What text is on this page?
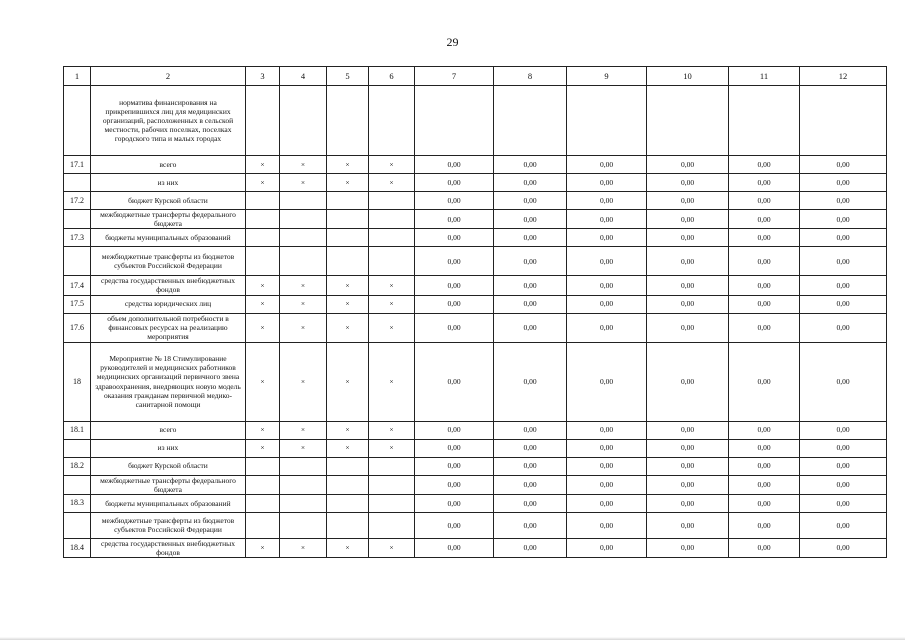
29
1	2	3	4	5	6	7	8	9	10	11	12
	норматива финансирования на прикрепившихся лиц для медицинских организаций, расположенных в сельской местности, рабочих поселках, поселках городского типа и малых городах										
17.1	всего	×	×	×	×	0,00	0,00	0,00	0,00	0,00	0,00
	из них	×	×	×	×	0,00	0,00	0,00	0,00	0,00	0,00
17.2	бюджет Курской области					0,00	0,00	0,00	0,00	0,00	0,00
	межбюджетные трансферты федерального бюджета					0,00	0,00	0,00	0,00	0,00	0,00
17.3	бюджеты муниципальных образований					0,00	0,00	0,00	0,00	0,00	0,00
	межбюджетные трансферты из бюджетов субъектов Российской Федерации					0,00	0,00	0,00	0,00	0,00	0,00
17.4	средства государственных внебюджетных фондов	×	×	×	×	0,00	0,00	0,00	0,00	0,00	0,00
17.5	средства юридических лиц	×	×	×	×	0,00	0,00	0,00	0,00	0,00	0,00
17.6	объем дополнительной потребности в финансовых ресурсах на реализацию мероприятия	×	×	×	×	0,00	0,00	0,00	0,00	0,00	0,00
18	Мероприятие № 18 Стимулирование руководителей и медицинских работников медицинских организаций первичного звена здравоохранения, внедряющих новую модель оказания гражданам первичной медико-санитарной помощи	×	×	×	×	0,00	0,00	0,00	0,00	0,00	0,00
18.1	всего	×	×	×	×	0,00	0,00	0,00	0,00	0,00	0,00
	из них	×	×	×	×	0,00	0,00	0,00	0,00	0,00	0,00
18.2	бюджет Курской области					0,00	0,00	0,00	0,00	0,00	0,00
	межбюджетные трансферты федерального бюджета					0,00	0,00	0,00	0,00	0,00	0,00
18.3	бюджеты муниципальных образований					0,00	0,00	0,00	0,00	0,00	0,00
	межбюджетные трансферты из бюджетов субъектов Российской Федерации					0,00	0,00	0,00	0,00	0,00	0,00
18.4	средства государственных внебюджетных фондов	×	×	×	×	0,00	0,00	0,00	0,00	0,00	0,00
